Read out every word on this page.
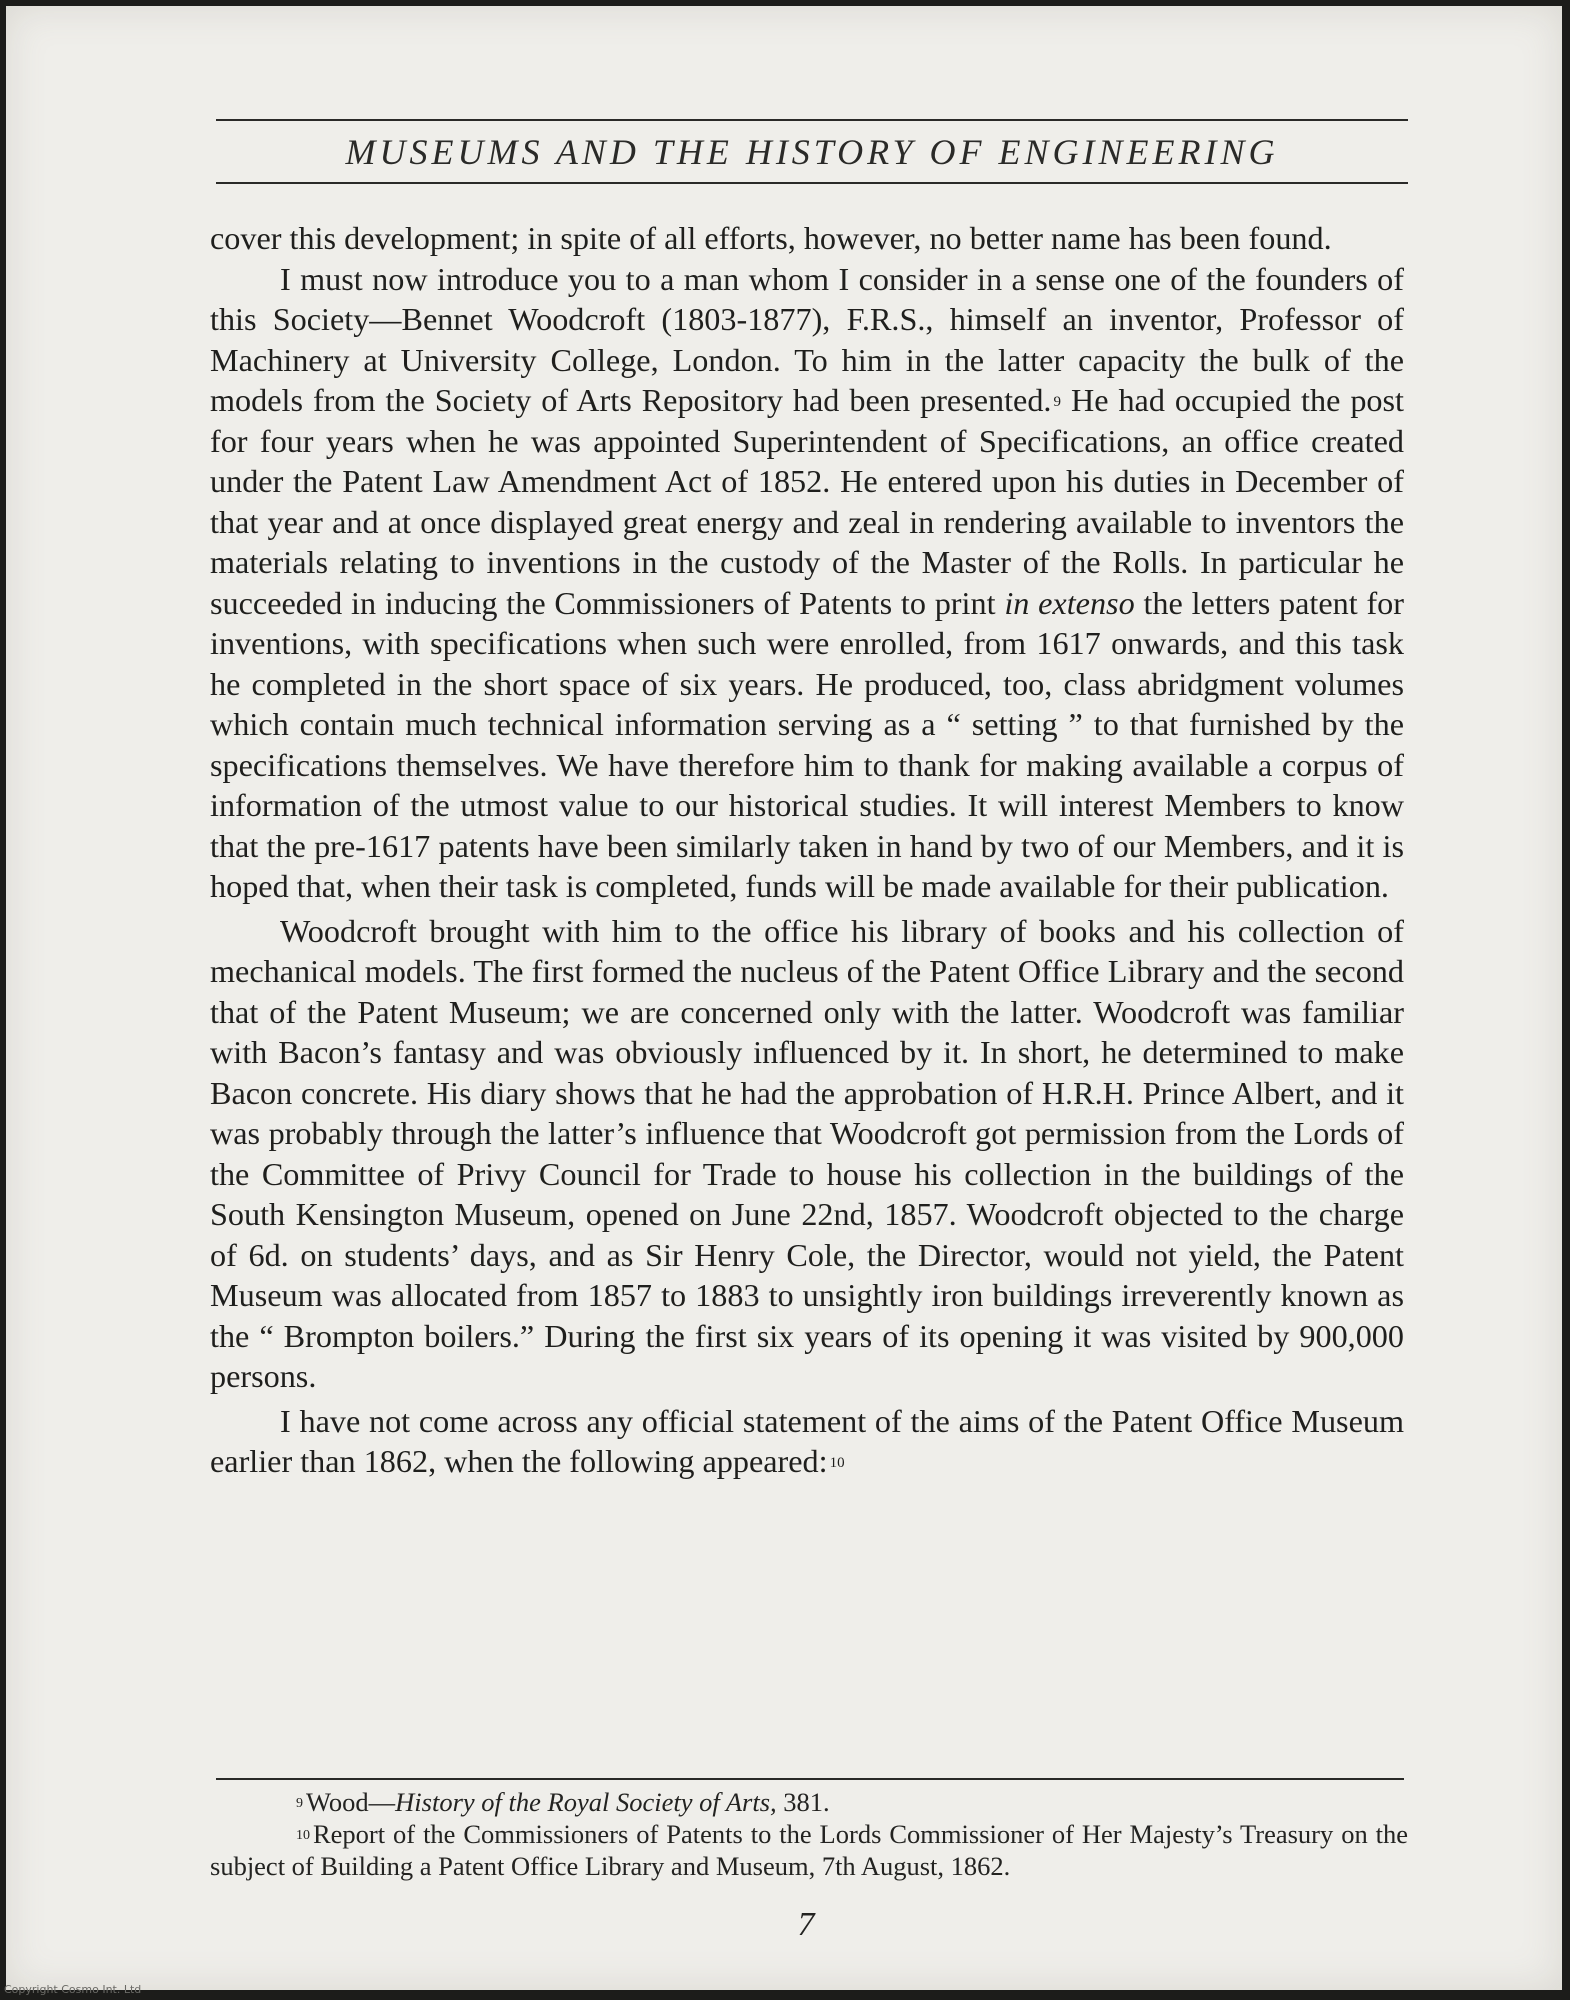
MUSEUMS AND THE HISTORY OF ENGINEERING

cover this development; in spite of all efforts, however, no better name has been found.

I must now introduce you to a man whom I consider in a sense one of the founders of this Society—Bennet Woodcroft (1803-1877), F.R.S., himself an inventor, Professor of Machinery at University College, London. To him in the latter capacity the bulk of the models from the Society of Arts Repository had been presented. $^9$ He had occupied the post for four years when he was appointed Superintendent of Specifications, an office created under the Patent Law Amendment Act of 1852. He entered upon his duties in December of that year and at once displayed great energy and zeal in rendering available to inventors the materials relating to inventions in the custody of the Master of the Rolls. In particular he succeeded in inducing the Commissioners of Patents to print in extenso the letters patent for inventions, with specifications when such were enrolled, from 1617 onwards, and this task he completed in the short space of six years. He produced, too, class abridgment volumes which contain much technical information serving as a “ setting ” to that furnished by the specifications themselves. We have therefore him to thank for making available a corpus of information of the utmost value to our historical studies. It will interest Members to know that the pre-1617 patents have been similarly taken in hand by two of our Members, and it is hoped that, when their task is completed, funds will be made available for their publication.

Woodcroft brought with him to the office his library of books and his collection of mechanical models. The first formed the nucleus of the Patent Office Library and the second that of the Patent Museum; we are concerned only with the latter. Woodcroft was familiar with Bacon’s fantasy and was obviously influenced by it. In short, he determined to make Bacon concrete. His diary shows that he had the approbation of H.R.H. Prince Albert, and it was probably through the latter’s influence that Woodcroft got permission from the Lords of the Committee of Privy Council for Trade to house his collection in the buildings of the South Kensington Museum, opened on June 22nd, 1857. Woodcroft objected to the charge of 6d. on students’ days, and as Sir Henry Cole, the Director, would not yield, the Patent Museum was allocated from 1857 to 1883 to unsightly iron buildings irreverently known as the “ Brompton boilers.” During the first six years of its opening it was visited by 900,000 persons.

I have not come across any official statement of the aims of the Patent Office Museum earlier than 1862, when the following appeared: $^{10}$

$^9$ Wood—History of the Royal Society of Arts, 381.

$^{10}$ Report of the Commissioners of Patents to the Lords Commissioner of Her Majesty’s Treasury on the subject of Building a Patent Office Library and Museum, 7th August, 1862.

7
Copyright Cosmo Int. Ltd
